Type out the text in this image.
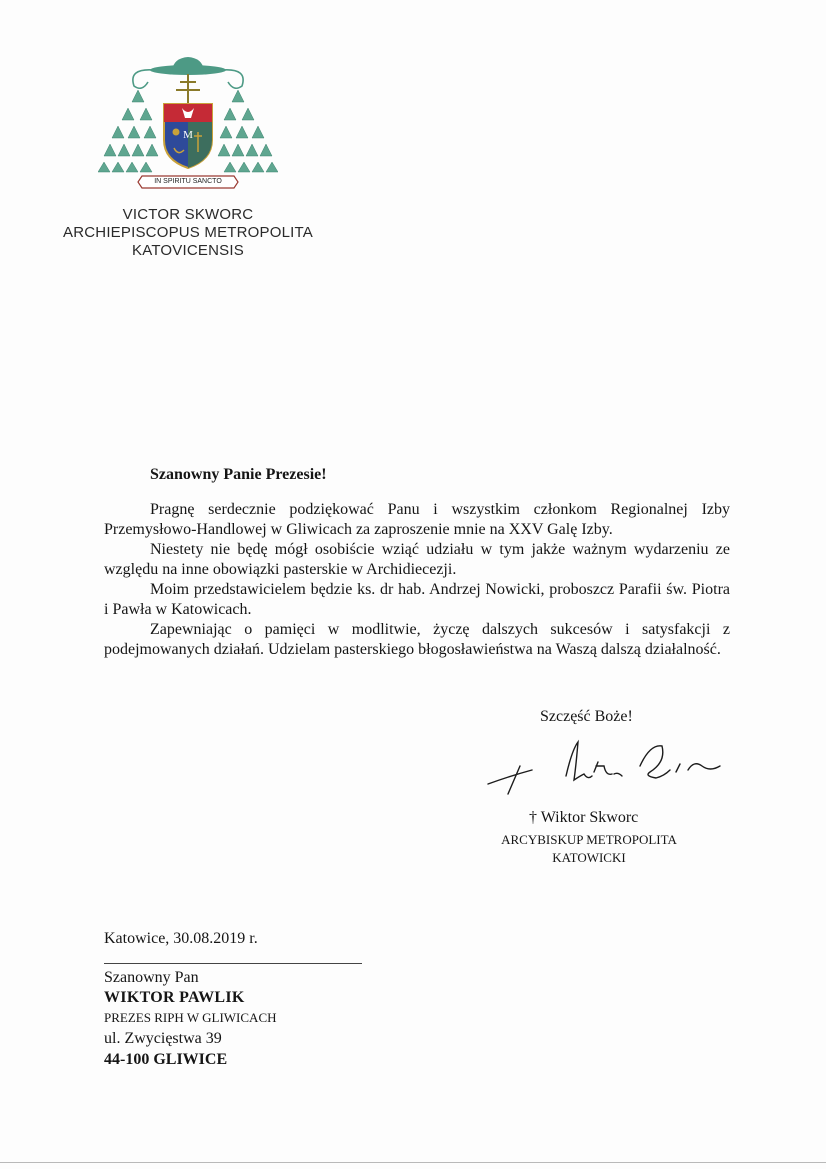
M
IN SPIRITU SANCTO
VICTOR SKWORC
ARCHIEPISCOPUS METROPOLITA
KATOVICENSIS
Szanowny Panie Prezesie!

Pragnę serdecznie podziękować Panu i wszystkim członkom Regionalnej Izby Przemysłowo-Handlowej w Gliwicach za zaproszenie mnie na XXV Galę Izby.

Niestety nie będę mógł osobiście wziąć udziału w tym jakże ważnym wydarzeniu ze względu na inne obowiązki pasterskie w Archidiecezji.

Moim przedstawicielem będzie ks. dr hab. Andrzej Nowicki, proboszcz Parafii św. Piotra i Pawła w Katowicach.

Zapewniając o pamięci w modlitwie, życzę dalszych sukcesów i satysfakcji z podejmowanych działań. Udzielam pasterskiego błogosławieństwa na Waszą dalszą działalność.

Szczęść Boże!
† Wiktor Skworc
ARCYBISKUP METROPOLITA
KATOWICKI
Katowice, 30.08.2019 r.
Szanowny Pan
WIKTOR PAWLIK
PREZES RIPH W GLIWICACH
ul. Zwycięstwa 39
44-100 GLIWICE
